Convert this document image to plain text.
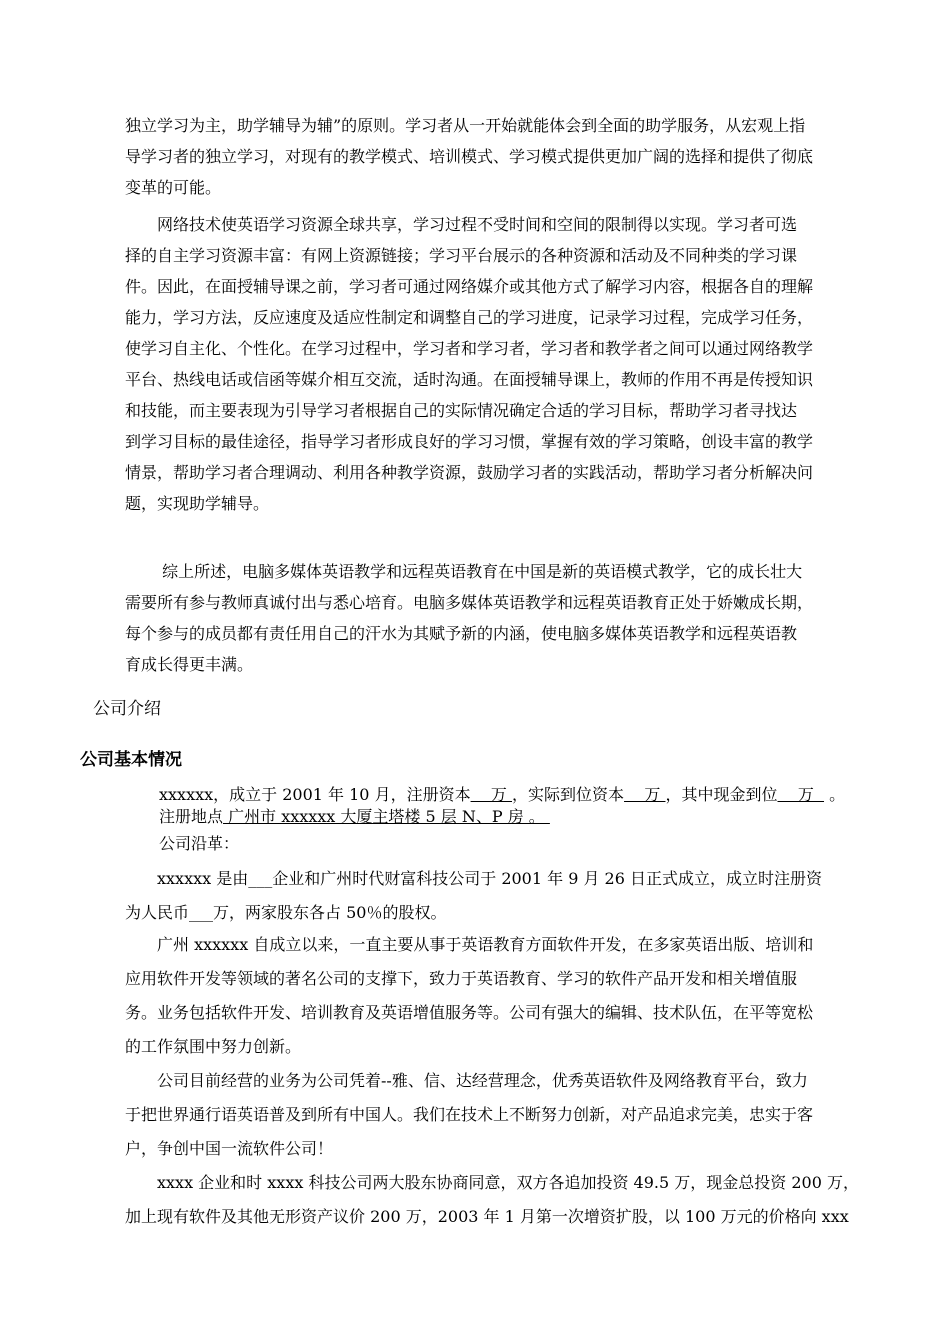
独立学习为主，助学辅导为辅”的原则。学习者从一开始就能体会到全面的助学服务，从宏观上指
导学习者的独立学习，对现有的教学模式、培训模式、学习模式提供更加广阔的选择和提供了彻底
变革的可能。
网络技术使英语学习资源全球共享，学习过程不受时间和空间的限制得以实现。学习者可选
择的自主学习资源丰富：有网上资源链接；学习平台展示的各种资源和活动及不同种类的学习课
件。因此，在面授辅导课之前，学习者可通过网络媒介或其他方式了解学习内容，根据各自的理解
能力，学习方法，反应速度及适应性制定和调整自己的学习进度，记录学习过程，完成学习任务，
使学习自主化、个性化。在学习过程中，学习者和学习者，学习者和教学者之间可以通过网络教学
平台、热线电话或信函等媒介相互交流，适时沟通。在面授辅导课上，教师的作用不再是传授知识
和技能，而主要表现为引导学习者根据自己的实际情况确定合适的学习目标，帮助学习者寻找达
到学习目标的最佳途径，指导学习者形成良好的学习习惯，掌握有效的学习策略，创设丰富的教学
情景，帮助学习者合理调动、利用各种教学资源，鼓励学习者的实践活动，帮助学习者分析解决问
题，实现助学辅导。
综上所述，电脑多媒体英语教学和远程英语教育在中国是新的英语模式教学，它的成长壮大
需要所有参与教师真诚付出与悉心培育。电脑多媒体英语教学和远程英语教育正处于娇嫩成长期，
每个参与的成员都有责任用自己的汗水为其赋予新的内涵，使电脑多媒体英语教学和远程英语教
育成长得更丰满。

公司介绍

公司基本情况

xxxxxx，成立于 2001 年 10 月，注册资本    万 ，实际到位资本    万 ，其中现金到位    万   。

注册地点 广州市 xxxxxx 大厦主塔楼 5 层 N、P 房 。

公司沿革：

xxxxxx 是由___企业和广州时代财富科技公司于 2001 年 9 月 26 日正式成立，成立时注册资
为人民币___万，两家股东各占 50％的股权。
广州 xxxxxx 自成立以来，一直主要从事于英语教育方面软件开发，在多家英语出版、培训和
应用软件开发等领域的著名公司的支撑下，致力于英语教育、学习的软件产品开发和相关增值服
务。业务包括软件开发、培训教育及英语增值服务等。公司有强大的编辑、技术队伍，在平等宽松
的工作氛围中努力创新。
公司目前经营的业务为公司凭着--雅、信、达经营理念，优秀英语软件及网络教育平台，致力
于把世界通行语英语普及到所有中国人。我们在技术上不断努力创新，对产品追求完美，忠实于客
户，争创中国一流软件公司！
xxxx 企业和时 xxxx 科技公司两大股东协商同意，双方各追加投资 49.5 万，现金总投资 200 万，
加上现有软件及其他无形资产议价 200 万，2003 年 1 月第一次增资扩股，以 100 万元的价格向 xxx
